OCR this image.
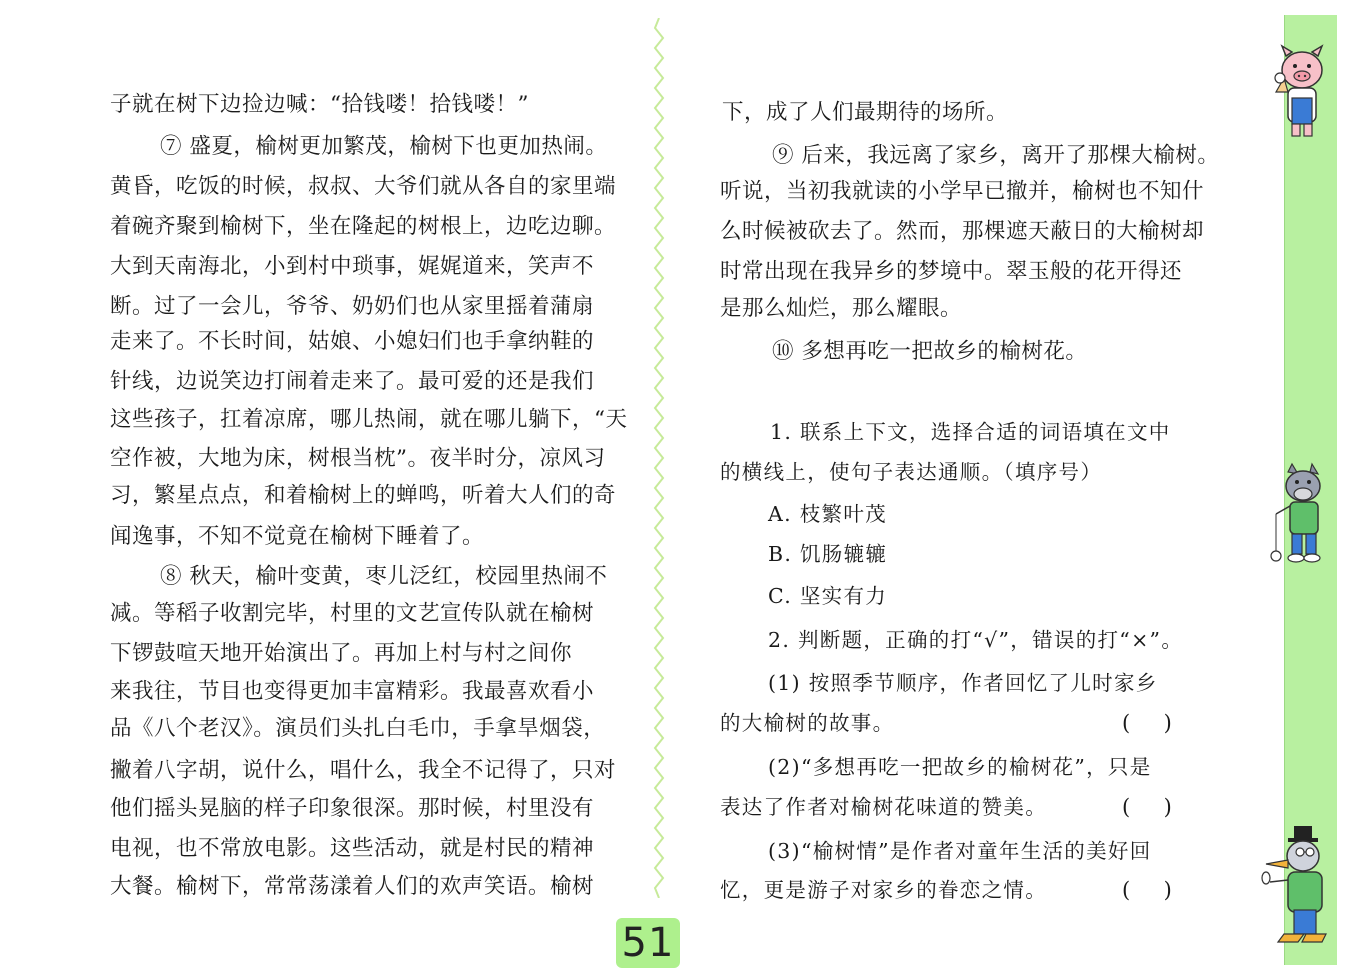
子就在树下边捡边喊：“拾钱喽！拾钱喽！”
⑦ 盛夏，榆树更加繁茂，榆树下也更加热闹。
黄昏，吃饭的时候，叔叔、大爷们就从各自的家里端
着碗齐聚到榆树下，坐在隆起的树根上，边吃边聊。
大到天南海北，小到村中琐事，娓娓道来，笑声不
断。过了一会儿，爷爷、奶奶们也从家里摇着蒲扇
走来了。不长时间，姑娘、小媳妇们也手拿纳鞋的
针线，边说笑边打闹着走来了。最可爱的还是我们
这些孩子，扛着凉席，哪儿热闹，就在哪儿躺下，“天
空作被，大地为床，树根当枕”。夜半时分，凉风习
习，繁星点点，和着榆树上的蝉鸣，听着大人们的奇
闻逸事，不知不觉竟在榆树下睡着了。
⑧ 秋天，榆叶变黄，枣儿泛红，校园里热闹不
减。等稻子收割完毕，村里的文艺宣传队就在榆树
下锣鼓喧天地开始演出了。再加上村与村之间你
来我往，节目也变得更加丰富精彩。我最喜欢看小
品《八个老汉》。演员们头扎白毛巾，手拿旱烟袋，
撇着八字胡，说什么，唱什么，我全不记得了，只对
他们摇头晃脑的样子印象很深。那时候，村里没有
电视，也不常放电影。这些活动，就是村民的精神
大餐。榆树下，常常荡漾着人们的欢声笑语。榆树
下，成了人们最期待的场所。
⑨ 后来，我远离了家乡，离开了那棵大榆树。
听说，当初我就读的小学早已撤并，榆树也不知什
么时候被砍去了。然而，那棵遮天蔽日的大榆树却
时常出现在我异乡的梦境中。翠玉般的花开得还
是那么灿烂，那么耀眼。
⑩ 多想再吃一把故乡的榆树花。
1. 联系上下文，选择合适的词语填在文中
的横线上，使句子表达通顺。（填序号）
A. 枝繁叶茂
B. 饥肠辘辘
C. 坚实有力
2. 判断题，正确的打“√”，错误的打“×”。
(1) 按照季节顺序，作者回忆了儿时家乡
的大榆树的故事。	(     )
(2)“多想再吃一把故乡的榆树花”，只是
表达了作者对榆树花味道的赞美。	(     )
(3)“榆树情”是作者对童年生活的美好回
忆，更是游子对家乡的眷恋之情。	(     )
51
